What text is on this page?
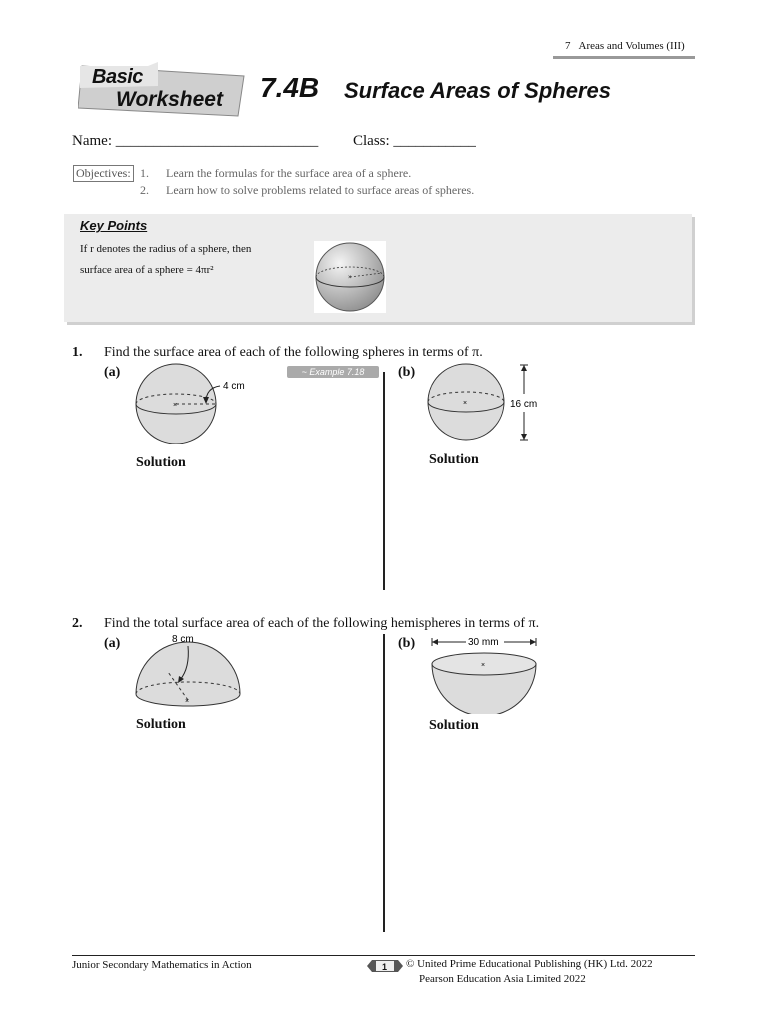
7 Areas and Volumes (III)
Basic
Worksheet 7.4B Surface Areas of Spheres
Name: ___________________________ Class: ___________
Objectives: 1. Learn the formulas for the surface area of a sphere.
2. Learn how to solve problems related to surface areas of spheres.
Key Points
If r denotes the radius of a sphere, then
surface area of a sphere = 4πr²
×
1. Find the surface area of each of the following spheres in terms of π.
(a)	(b)
~ Example 7.18
×
4 cm
×	16 cm
Solution	Solution
2. Find the total surface area of each of the following hemispheres in terms of π.
(a)	(b)
×
8 cm	30 mm
×
Solution	Solution
Junior Secondary Mathematics in Action	1 © United Prime Educational Publishing (HK) Ltd. 2022
Pearson Education Asia Limited 2022
